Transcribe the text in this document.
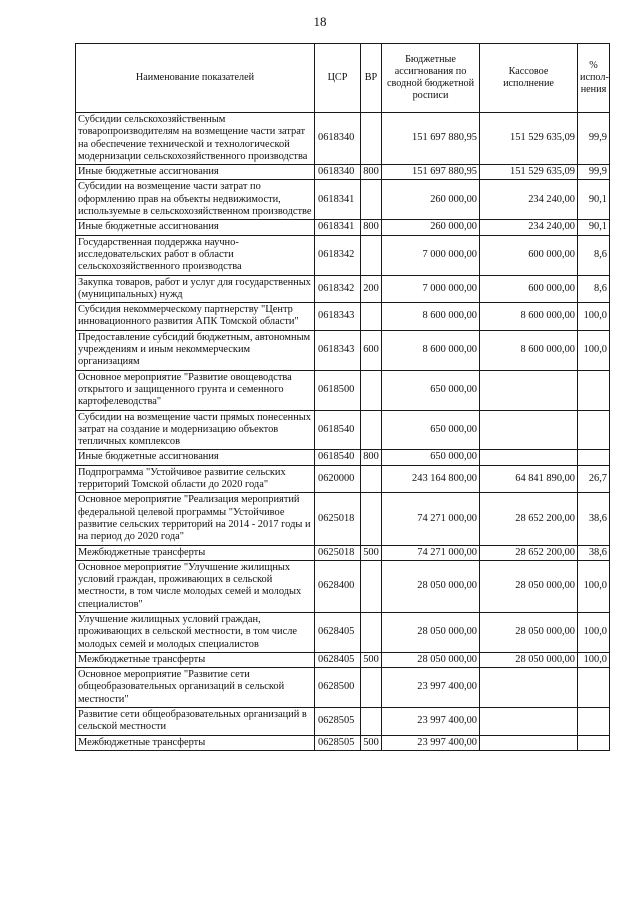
18
Наименование показателей	ЦСР	ВР	Бюджетные ассигнования по сводной бюджетной росписи	Кассовое исполнение	% испол-нения
Субсидии сельскохозяйственным товаропроизводителям на возмещение части затрат на обеспечение технической и технологической модернизации сельскохозяйственного производства	0618340		151 697 880,95	151 529 635,09	99,9
Иные бюджетные ассигнования	0618340	800	151 697 880,95	151 529 635,09	99,9
Субсидии на возмещение части затрат по оформлению прав на объекты недвижимости, используемые в сельскохозяйственном производстве	0618341		260 000,00	234 240,00	90,1
Иные бюджетные ассигнования	0618341	800	260 000,00	234 240,00	90,1
Государственная поддержка научно-исследовательских работ в области сельскохозяйственного производства	0618342		7 000 000,00	600 000,00	8,6
Закупка товаров, работ и услуг для государственных (муниципальных) нужд	0618342	200	7 000 000,00	600 000,00	8,6
Субсидия некоммерческому партнерству "Центр инновационного развития АПК Томской области"	0618343		8 600 000,00	8 600 000,00	100,0
Предоставление субсидий бюджетным, автономным учреждениям и иным некоммерческим организациям	0618343	600	8 600 000,00	8 600 000,00	100,0
Основное мероприятие "Развитие овощеводства открытого и защищенного грунта и семенного картофелеводства"	0618500		650 000,00		
Субсидии на возмещение части прямых понесенных затрат на создание и модернизацию объектов тепличных комплексов	0618540		650 000,00		
Иные бюджетные ассигнования	0618540	800	650 000,00		
Подпрограмма "Устойчивое развитие сельских территорий Томской области до 2020 года"	0620000		243 164 800,00	64 841 890,00	26,7
Основное мероприятие "Реализация мероприятий федеральной целевой программы "Устойчивое развитие сельских территорий на 2014 - 2017 годы и на период до 2020 года"	0625018		74 271 000,00	28 652 200,00	38,6
Межбюджетные трансферты	0625018	500	74 271 000,00	28 652 200,00	38,6
Основное мероприятие "Улучшение жилищных условий граждан, проживающих в сельской местности, в том числе молодых семей и молодых специалистов"	0628400		28 050 000,00	28 050 000,00	100,0
Улучшение жилищных условий граждан, проживающих в сельской местности, в том числе молодых семей и молодых специалистов	0628405		28 050 000,00	28 050 000,00	100,0
Межбюджетные трансферты	0628405	500	28 050 000,00	28 050 000,00	100,0
Основное мероприятие "Развитие сети общеобразовательных организаций в сельской местности"	0628500		23 997 400,00		
Развитие сети общеобразовательных организаций в сельской местности	0628505		23 997 400,00		
Межбюджетные трансферты	0628505	500	23 997 400,00		
